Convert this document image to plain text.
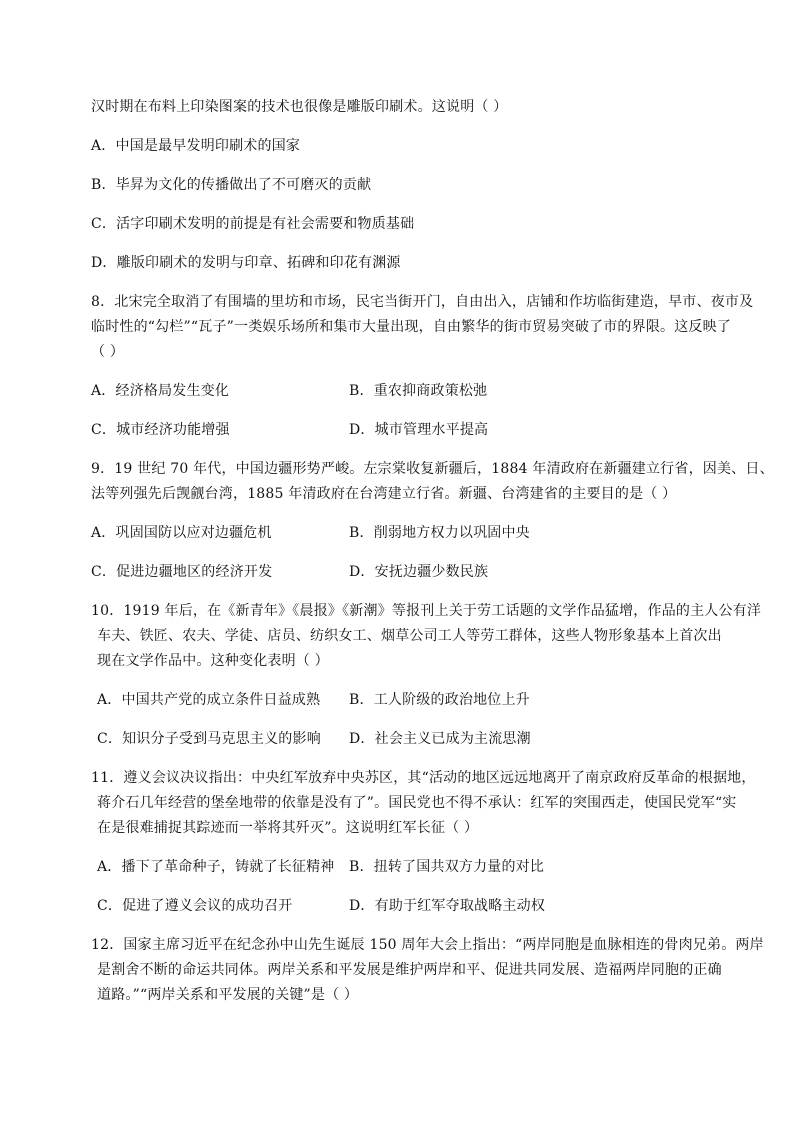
汉时期在布料上印染图案的技术也很像是雕版印刷术。这说明（ ）
A．中国是最早发明印刷术的国家
B．毕昇为文化的传播做出了不可磨灭的贡献
C．活字印刷术发明的前提是有社会需要和物质基础
D．雕版印刷术的发明与印章、拓碑和印花有渊源
8．北宋完全取消了有围墙的里坊和市场，民宅当街开门，自由出入，店铺和作坊临街建造，早市、夜市及
临时性的“勾栏”“瓦子”一类娱乐场所和集市大量出现，自由繁华的街市贸易突破了市的界限。这反映了
（ ）
A．经济格局发生变化	B．重农抑商政策松弛
C．城市经济功能增强	D．城市管理水平提高
9．19 世纪 70 年代，中国边疆形势严峻。左宗棠收复新疆后，1884 年清政府在新疆建立行省，因美、日、
法等列强先后觊觎台湾，1885 年清政府在台湾建立行省。新疆、台湾建省的主要目的是（ ）
A．巩固国防以应对边疆危机	B．削弱地方权力以巩固中央
C．促进边疆地区的经济开发	D．安抚边疆少数民族
10．1919 年后，在《新青年》《晨报》《新潮》等报刊上关于劳工话题的文学作品猛增，作品的主人公有洋
车夫、铁匠、农夫、学徒、店员、纺织女工、烟草公司工人等劳工群体，这些人物形象基本上首次出
现在文学作品中。这种变化表明（ ）
A．中国共产党的成立条件日益成熟 B．工人阶级的政治地位上升
C．知识分子受到马克思主义的影响 D．社会主义已成为主流思潮
11．遵义会议决议指出：中央红军放弃中央苏区，其“活动的地区远远地离开了南京政府反革命的根据地，
蒋介石几年经营的堡垒地带的依靠是没有了”。国民党也不得不承认：红军的突围西走，使国民党军“实
在是很难捕捉其踪迹而一举将其歼灭”。这说明红军长征（ ）
A．播下了革命种子，铸就了长征精神 B．扭转了国共双方力量的对比
C．促进了遵义会议的成功召开	D．有助于红军夺取战略主动权
12．国家主席习近平在纪念孙中山先生诞辰 150 周年大会上指出：“两岸同胞是血脉相连的骨肉兄弟。两岸
是割舍不断的命运共同体。两岸关系和平发展是维护两岸和平、促进共同发展、造福两岸同胞的正确
道路。”“两岸关系和平发展的关键”是（ ）
